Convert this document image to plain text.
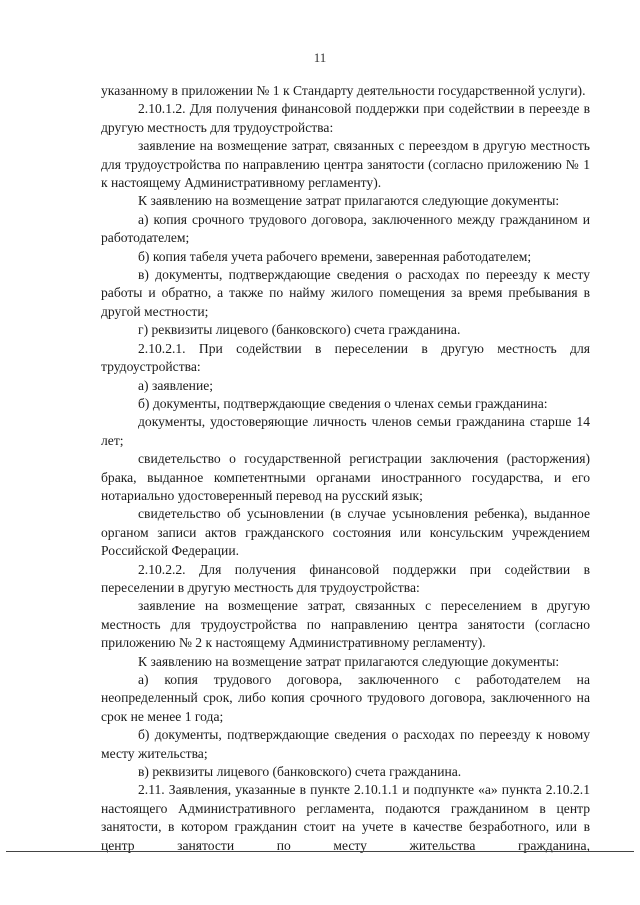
11

указанному в приложении № 1 к Стандарту деятельности государственной услуги).

2.10.1.2. Для получения финансовой поддержки при содействии в переезде в другую местность для трудоустройства:

заявление на возмещение затрат, связанных с переездом в другую местность для трудоустройства по направлению центра занятости (согласно приложению № 1 к настоящему Административному регламенту).

К заявлению на возмещение затрат прилагаются следующие документы:

а) копия срочного трудового договора, заключенного между гражданином и работодателем;

б) копия табеля учета рабочего времени, заверенная работодателем;

в) документы, подтверждающие сведения о расходах по переезду к месту работы и обратно, а также по найму жилого помещения за время пребывания в другой местности;

г) реквизиты лицевого (банковского) счета гражданина.

2.10.2.1. При содействии в переселении в другую местность для трудоустройства:

а) заявление;

б) документы, подтверждающие сведения о членах семьи гражданина:

документы, удостоверяющие личность членов семьи гражданина старше 14 лет;

свидетельство о государственной регистрации заключения (расторжения) брака, выданное компетентными органами иностранного государства, и его нотариально удостоверенный перевод на русский язык;

свидетельство об усыновлении (в случае усыновления ребенка), выданное органом записи актов гражданского состояния или консульским учреждением Российской Федерации.

2.10.2.2. Для получения финансовой поддержки при содействии в переселении в другую местность для трудоустройства:

заявление на возмещение затрат, связанных с переселением в другую местность для трудоустройства по направлению центра занятости (согласно приложению № 2 к настоящему Административному регламенту).

К заявлению на возмещение затрат прилагаются следующие документы:

а) копия трудового договора, заключенного с работодателем на неопределенный срок, либо копия срочного трудового договора, заключенного на срок не менее 1 года;

б) документы, подтверждающие сведения о расходах по переезду к новому месту жительства;

в) реквизиты лицевого (банковского) счета гражданина.

2.11. Заявления, указанные в пункте 2.10.1.1 и подпункте «а» пункта 2.10.2.1 настоящего Административного регламента, подаются гражданином в центр занятости, в котором гражданин стоит на учете в качестве безработного, или в центр занятости по месту жительства гражданина,
